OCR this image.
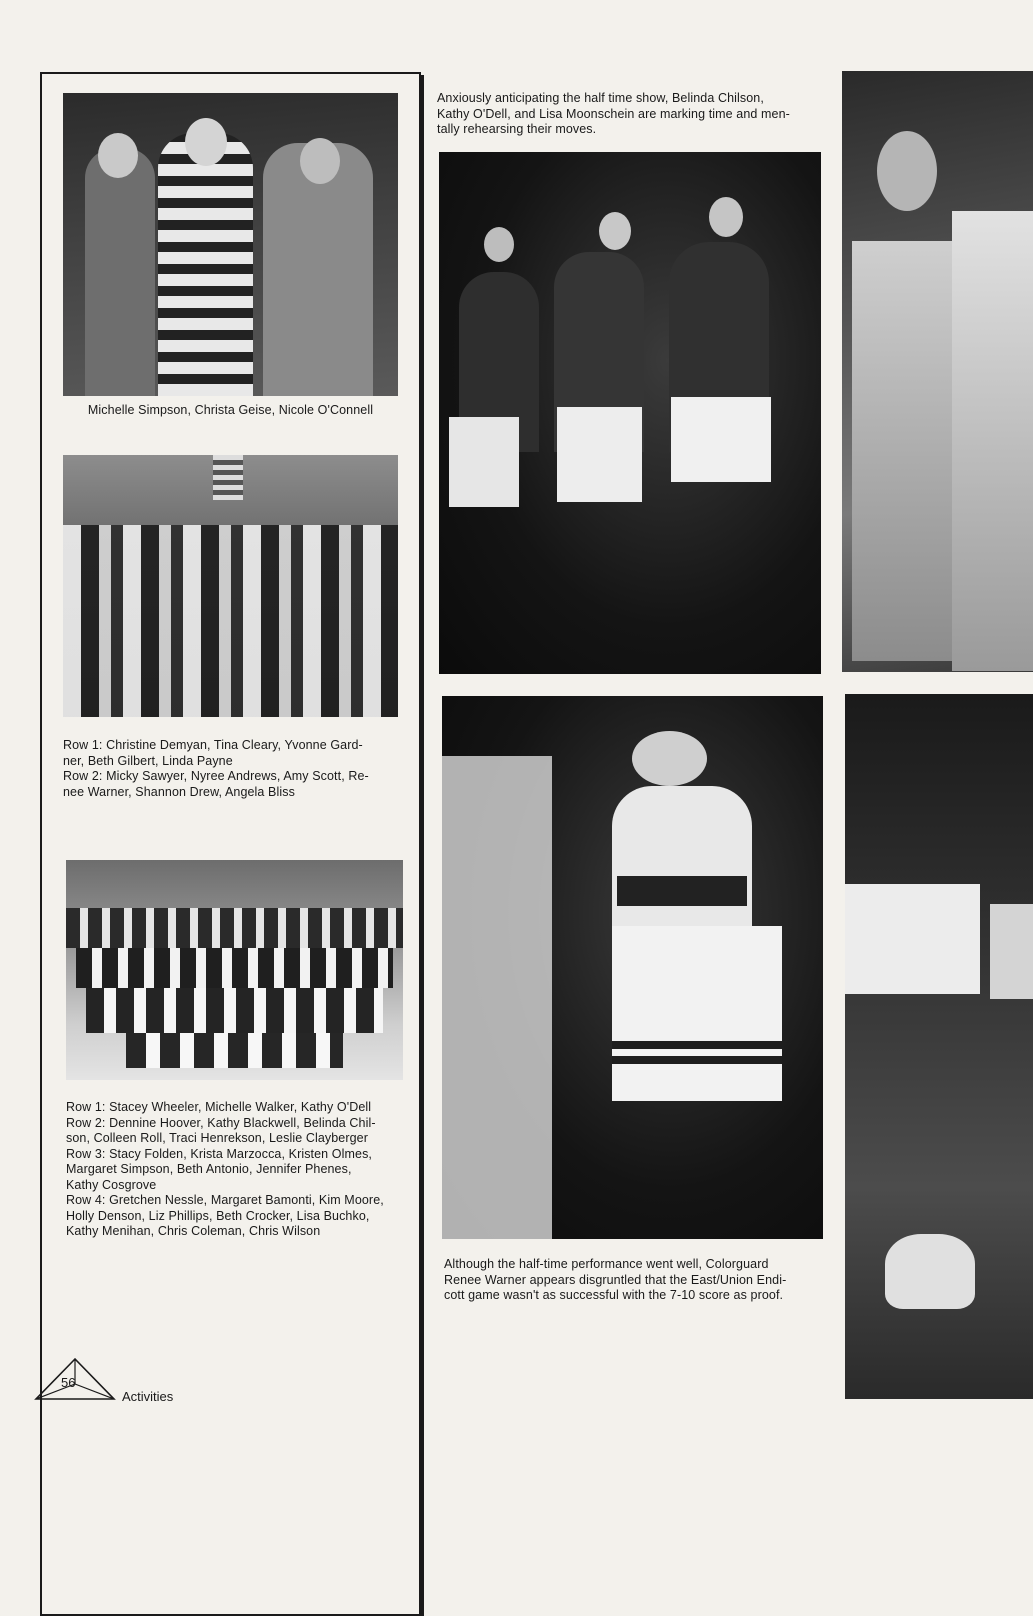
Michelle Simpson, Christa Geise, Nicole O'Connell
Row 1: Christine Demyan, Tina Cleary, Yvonne Gard-
ner, Beth Gilbert, Linda Payne
Row 2: Micky Sawyer, Nyree Andrews, Amy Scott, Re-
nee Warner, Shannon Drew, Angela Bliss
Row 1: Stacey Wheeler, Michelle Walker, Kathy O'Dell
Row 2: Dennine Hoover, Kathy Blackwell, Belinda Chil-
son, Colleen Roll, Traci Henrekson, Leslie Clayberger
Row 3: Stacy Folden, Krista Marzocca, Kristen Olmes,
Margaret Simpson, Beth Antonio, Jennifer Phenes,
Kathy Cosgrove
Row 4: Gretchen Nessle, Margaret Bamonti, Kim Moore,
Holly Denson, Liz Phillips, Beth Crocker, Lisa Buchko,
Kathy Menihan, Chris Coleman, Chris Wilson
Anxiously anticipating the half time show, Belinda Chilson,
Kathy O'Dell, and Lisa Moonschein are marking time and men-
tally rehearsing their moves.
Although the half-time performance went well, Colorguard
Renee Warner appears disgruntled that the East/Union Endi-
cott game wasn't as successful with the 7-10 score as proof.
56
Activities
